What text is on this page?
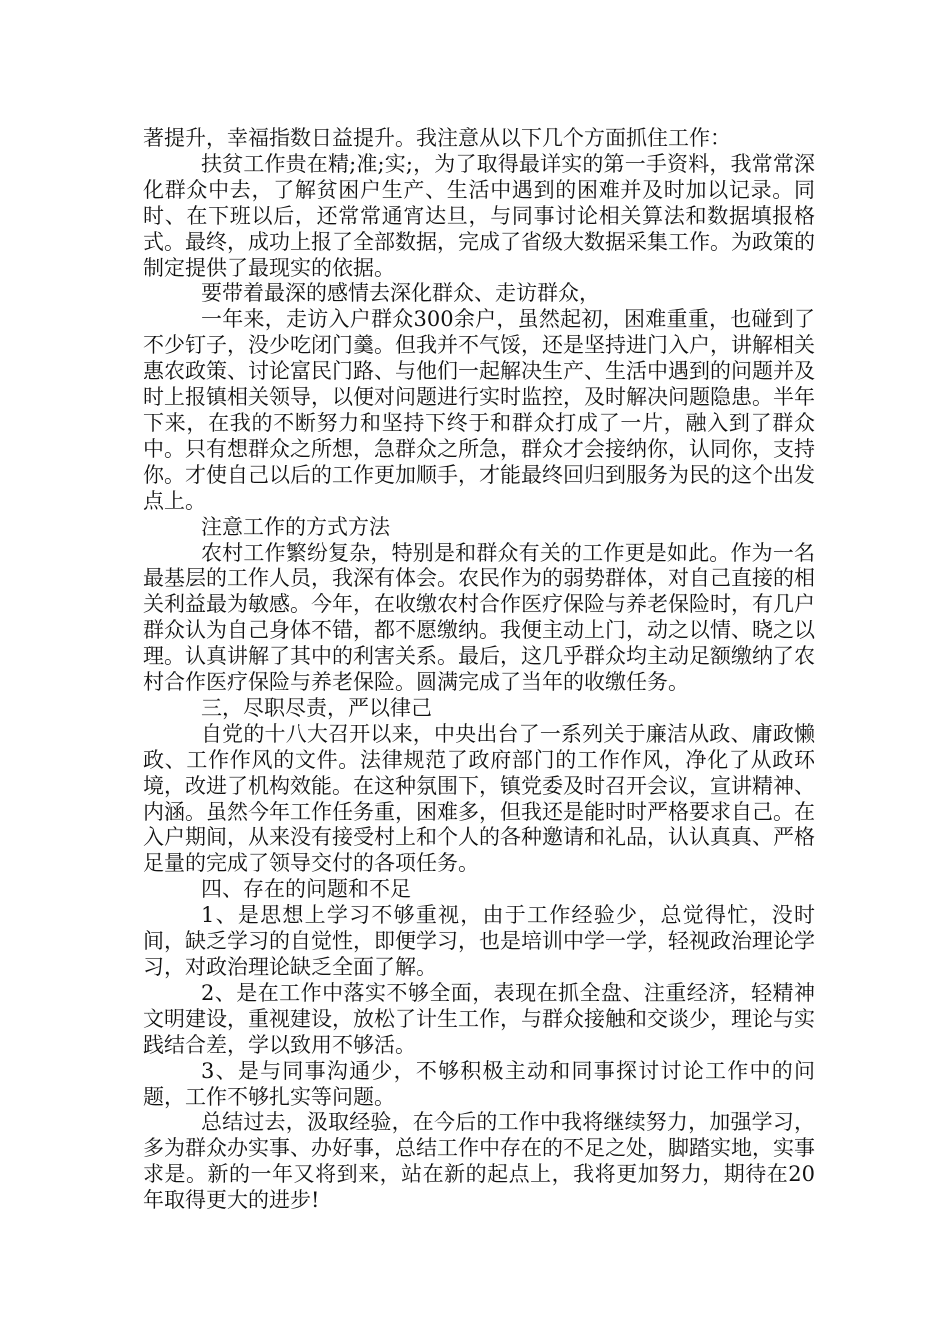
著提升，幸福指数日益提升。我注意从以下几个方面抓住工作：

扶贫工作贵在精;准;实;，为了取得最详实的第一手资料，我常常深化群众中去，了解贫困户生产、生活中遇到的困难并及时加以记录。同时、在下班以后，还常常通宵达旦，与同事讨论相关算法和数据填报格式。最终，成功上报了全部数据，完成了省级大数据采集工作。为政策的制定提供了最现实的依据。

要带着最深的感情去深化群众、走访群众，

一年来，走访入户群众300余户，虽然起初，困难重重，也碰到了不少钉子，没少吃闭门羹。但我并不气馁，还是坚持进门入户，讲解相关惠农政策、讨论富民门路、与他们一起解决生产、生活中遇到的问题并及时上报镇相关领导，以便对问题进行实时监控，及时解决问题隐患。半年下来，在我的不断努力和坚持下终于和群众打成了一片，融入到了群众中。只有想群众之所想，急群众之所急，群众才会接纳你，认同你，支持你。才使自己以后的工作更加顺手，才能最终回归到服务为民的这个出发点上。

注意工作的方式方法

农村工作繁纷复杂，特别是和群众有关的工作更是如此。作为一名最基层的工作人员，我深有体会。农民作为的弱势群体，对自己直接的相关利益最为敏感。今年，在收缴农村合作医疗保险与养老保险时，有几户群众认为自己身体不错，都不愿缴纳。我便主动上门，动之以情、晓之以理。认真讲解了其中的利害关系。最后，这几乎群众均主动足额缴纳了农村合作医疗保险与养老保险。圆满完成了当年的收缴任务。

三，尽职尽责，严以律己

自党的十八大召开以来，中央出台了一系列关于廉洁从政、庸政懒政、工作作风的文件。法律规范了政府部门的工作作风，净化了从政环境，改进了机构效能。在这种氛围下，镇党委及时召开会议，宣讲精神、内涵。虽然今年工作任务重，困难多，但我还是能时时严格要求自己。在入户期间，从来没有接受村上和个人的各种邀请和礼品，认认真真、严格足量的完成了领导交付的各项任务。

四、存在的问题和不足

1、是思想上学习不够重视，由于工作经验少，总觉得忙，没时间，缺乏学习的自觉性，即便学习，也是培训中学一学，轻视政治理论学习，对政治理论缺乏全面了解。

2、是在工作中落实不够全面，表现在抓全盘、注重经济，轻精神文明建设，重视建设，放松了计生工作，与群众接触和交谈少，理论与实践结合差，学以致用不够活。

3、是与同事沟通少，不够积极主动和同事探讨讨论工作中的问题，工作不够扎实等问题。

总结过去，汲取经验，在今后的工作中我将继续努力，加强学习，多为群众办实事、办好事，总结工作中存在的不足之处，脚踏实地，实事求是。新的一年又将到来，站在新的起点上，我将更加努力，期待在20年取得更大的进步!
